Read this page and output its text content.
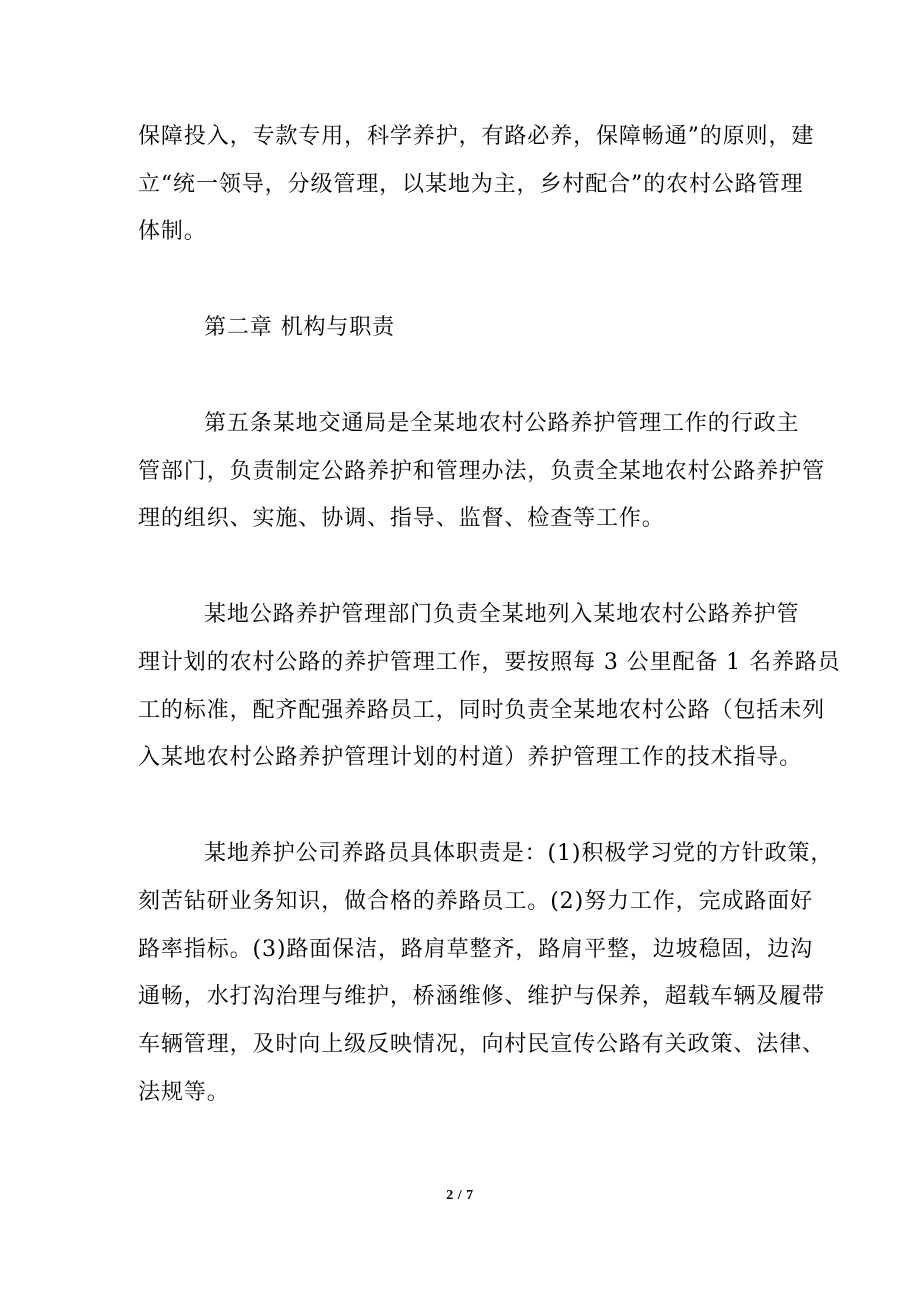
保障投入，专款专用，科学养护，有路必养，保障畅通”的原则，建
立“统一领导，分级管理，以某地为主，乡村配合”的农村公路管理
体制。
第二章 机构与职责
第五条某地交通局是全某地农村公路养护管理工作的行政主
管部门，负责制定公路养护和管理办法，负责全某地农村公路养护管
理的组织、实施、协调、指导、监督、检查等工作。
某地公路养护管理部门负责全某地列入某地农村公路养护管
理计划的农村公路的养护管理工作，要按照每 3 公里配备 1 名养路员
工的标准，配齐配强养路员工，同时负责全某地农村公路（包括未列
入某地农村公路养护管理计划的村道）养护管理工作的技术指导。
某地养护公司养路员具体职责是：(1)积极学习党的方针政策，
刻苦钻研业务知识，做合格的养路员工。(2)努力工作，完成路面好
路率指标。(3)路面保洁，路肩草整齐，路肩平整，边坡稳固，边沟
通畅，水打沟治理与维护，桥涵维修、维护与保养，超载车辆及履带
车辆管理，及时向上级反映情况，向村民宣传公路有关政策、法律、
法规等。
2 / 7
